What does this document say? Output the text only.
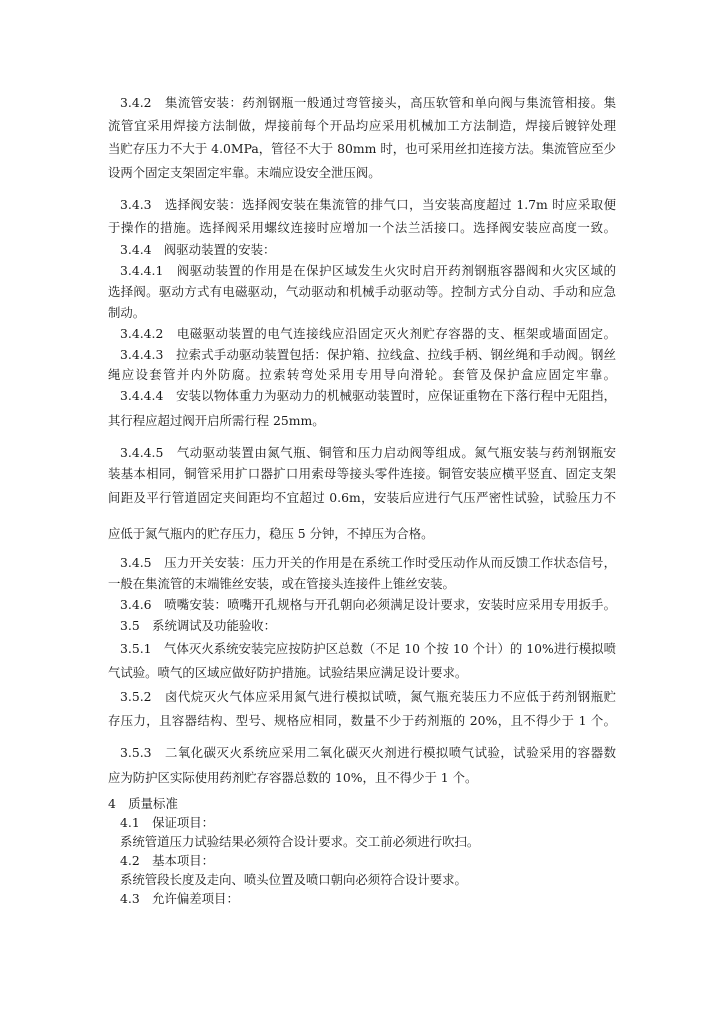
3.4.2　集流管安装：药剂钢瓶一般通过弯管接头，高压软管和单向阀与集流管相接。集
流管宜采用焊接方法制做，焊接前每个开品均应采用机械加工方法制造，焊接后镀锌处理
当贮存压力不大于 4.0MPa，管径不大于 80mm 时，也可采用丝扣连接方法。集流管应至少
设两个固定支架固定牢靠。末端应设安全泄压阀。
3.4.3　选择阀安装：选择阀安装在集流管的排气口，当安装高度超过 1.7m 时应采取便
于操作的措施。选择阀采用螺纹连接时应增加一个法兰活接口。选择阀安装应高度一致。
3.4.4　阀驱动装置的安装：
3.4.4.1　阀驱动装置的作用是在保护区域发生火灾时启开药剂钢瓶容器阀和火灾区域的
选择阀。驱动方式有电磁驱动，气动驱动和机械手动驱动等。控制方式分自动、手动和应急
制动。
3.4.4.2　电磁驱动装置的电气连接线应沿固定灭火剂贮存容器的支、框架或墙面固定。
3.4.4.3　拉索式手动驱动装置包括：保护箱、拉线盒、拉线手柄、钢丝绳和手动阀。钢丝
绳应设套管并内外防腐。拉索转弯处采用专用导向滑轮。套管及保护盒应固定牢靠。
3.4.4.4　安装以物体重力为驱动力的机械驱动装置时，应保证重物在下落行程中无阻挡，
其行程应超过阀开启所需行程 25mm。
3.4.4.5　气动驱动装置由氮气瓶、铜管和压力启动阀等组成。氮气瓶安装与药剂钢瓶安
装基本相同，铜管采用扩口器扩口用索母等接头零件连接。铜管安装应横平竖直、固定支架
间距及平行管道固定夹间距均不宜超过 0.6m，安装后应进行气压严密性试验，试验压力不
应低于氮气瓶内的贮存压力，稳压 5 分钟，不掉压为合格。
3.4.5　压力开关安装：压力开关的作用是在系统工作时受压动作从而反馈工作状态信号，
一般在集流管的末端锥丝安装，或在管接头连接件上锥丝安装。
3.4.6　喷嘴安装：喷嘴开孔规格与开孔朝向必须满足设计要求，安装时应采用专用扳手。
3.5　系统调试及功能验收：
3.5.1　气体灭火系统安装完应按防护区总数（不足 10 个按 10 个计）的 10%进行模拟喷
气试验。喷气的区域应做好防护措施。试验结果应满足设计要求。
3.5.2　卤代烷灭火气体应采用氮气进行模拟试喷，氮气瓶充装压力不应低于药剂钢瓶贮
存压力，且容器结构、型号、规格应相同，数量不少于药剂瓶的 20%，且不得少于 1 个。
3.5.3　二氧化碳灭火系统应采用二氧化碳灭火剂进行模拟喷气试验，试验采用的容器数
应为防护区实际使用药剂贮存容器总数的 10%，且不得少于 1 个。
4　质量标准
4.1　保证项目：
系统管道压力试验结果必须符合设计要求。交工前必须进行吹扫。
4.2　基本项目：
系统管段长度及走向、喷头位置及喷口朝向必须符合设计要求。
4.3　允许偏差项目：
